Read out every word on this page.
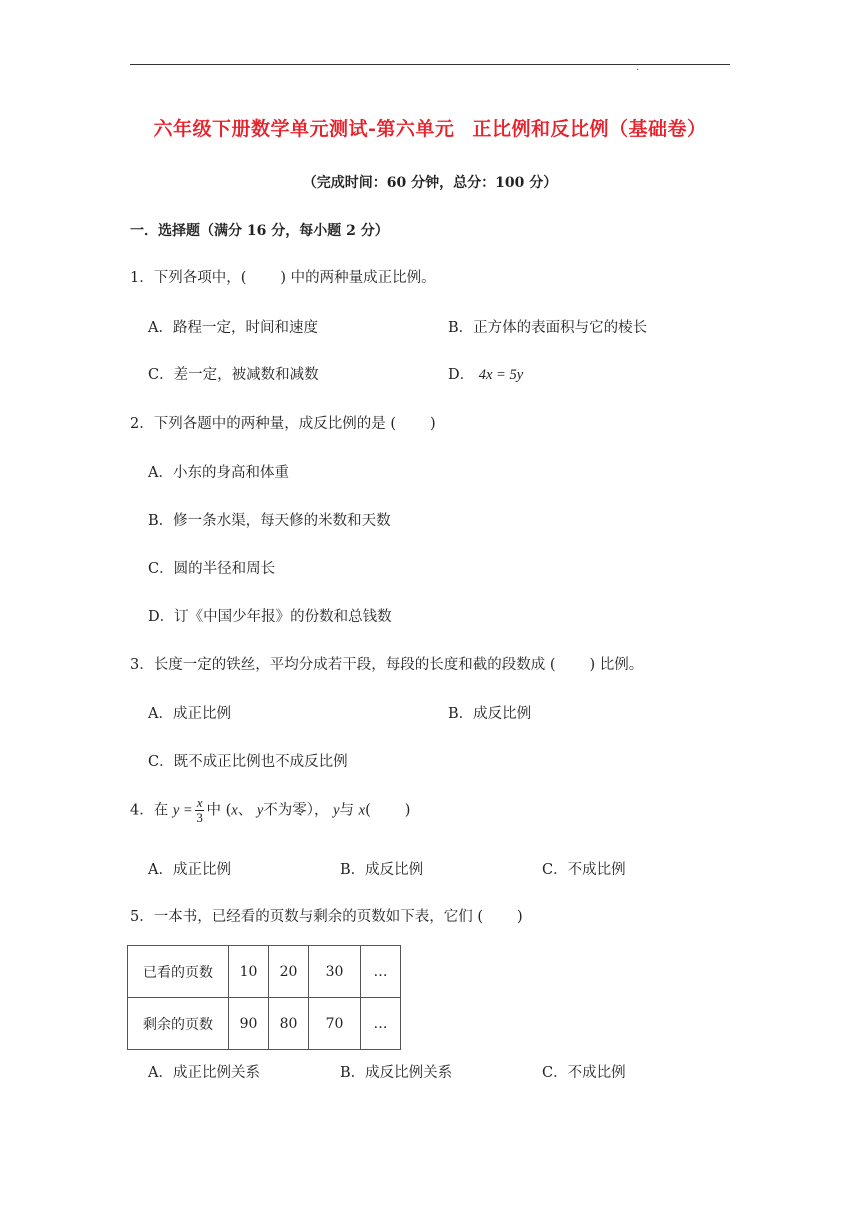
.
六年级下册数学单元测试-第六单元 正比例和反比例（基础卷）
（完成时间：60 分钟，总分：100 分）
一．选择题（满分 16 分，每小题 2 分）
1．下列各项中，( ) 中的两种量成正比例。
A．路程一定，时间和速度	B．正方体的表面积与它的棱长
C．差一定，被减数和减数	D． 4x = 5y
2．下列各题中的两种量，成反比例的是 ( )
A．小东的身高和体重
B．修一条水渠，每天修的米数和天数
C．圆的半径和周长
D．订《中国少年报》的份数和总钱数
3．长度一定的铁丝，平均分成若干段，每段的长度和截的段数成 ( ) 比例。
A．成正比例	B．成反比例
C．既不成正比例也不成反比例
4．在 $y = \frac{x}{3}$ 中 (x、 y不为零）， y与 x( )
A．成正比例	B．成反比例	C．不成比例
5．一本书，已经看的页数与剩余的页数如下表，它们 ( )
已看的页数	10	20	30	…
剩余的页数	90	80	70	…
A．成正比例关系	B．成反比例关系	C．不成比例
